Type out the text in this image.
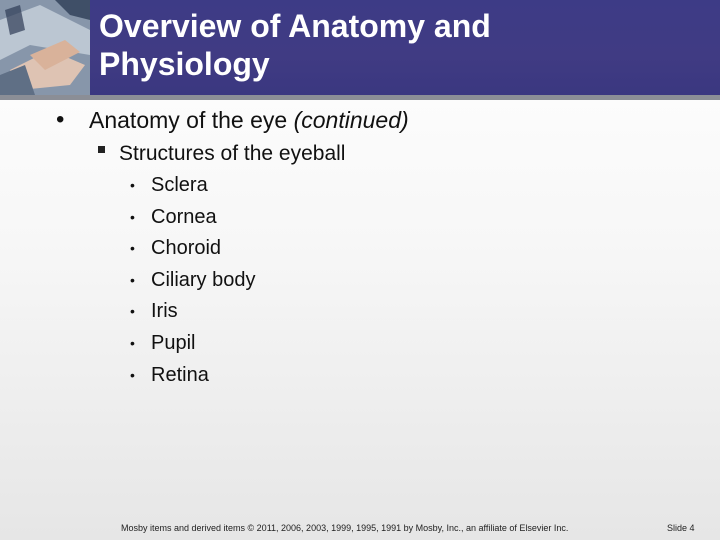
Overview of Anatomy and
Physiology
• Anatomy of the eye (continued)
Structures of the eyeball
• Sclera
• Cornea
• Choroid
• Ciliary body
• Iris
• Pupil
• Retina
Mosby items and derived items © 2011, 2006, 2003, 1999, 1995, 1991 by Mosby, Inc., an affiliate of Elsevier Inc.	Slide 4
